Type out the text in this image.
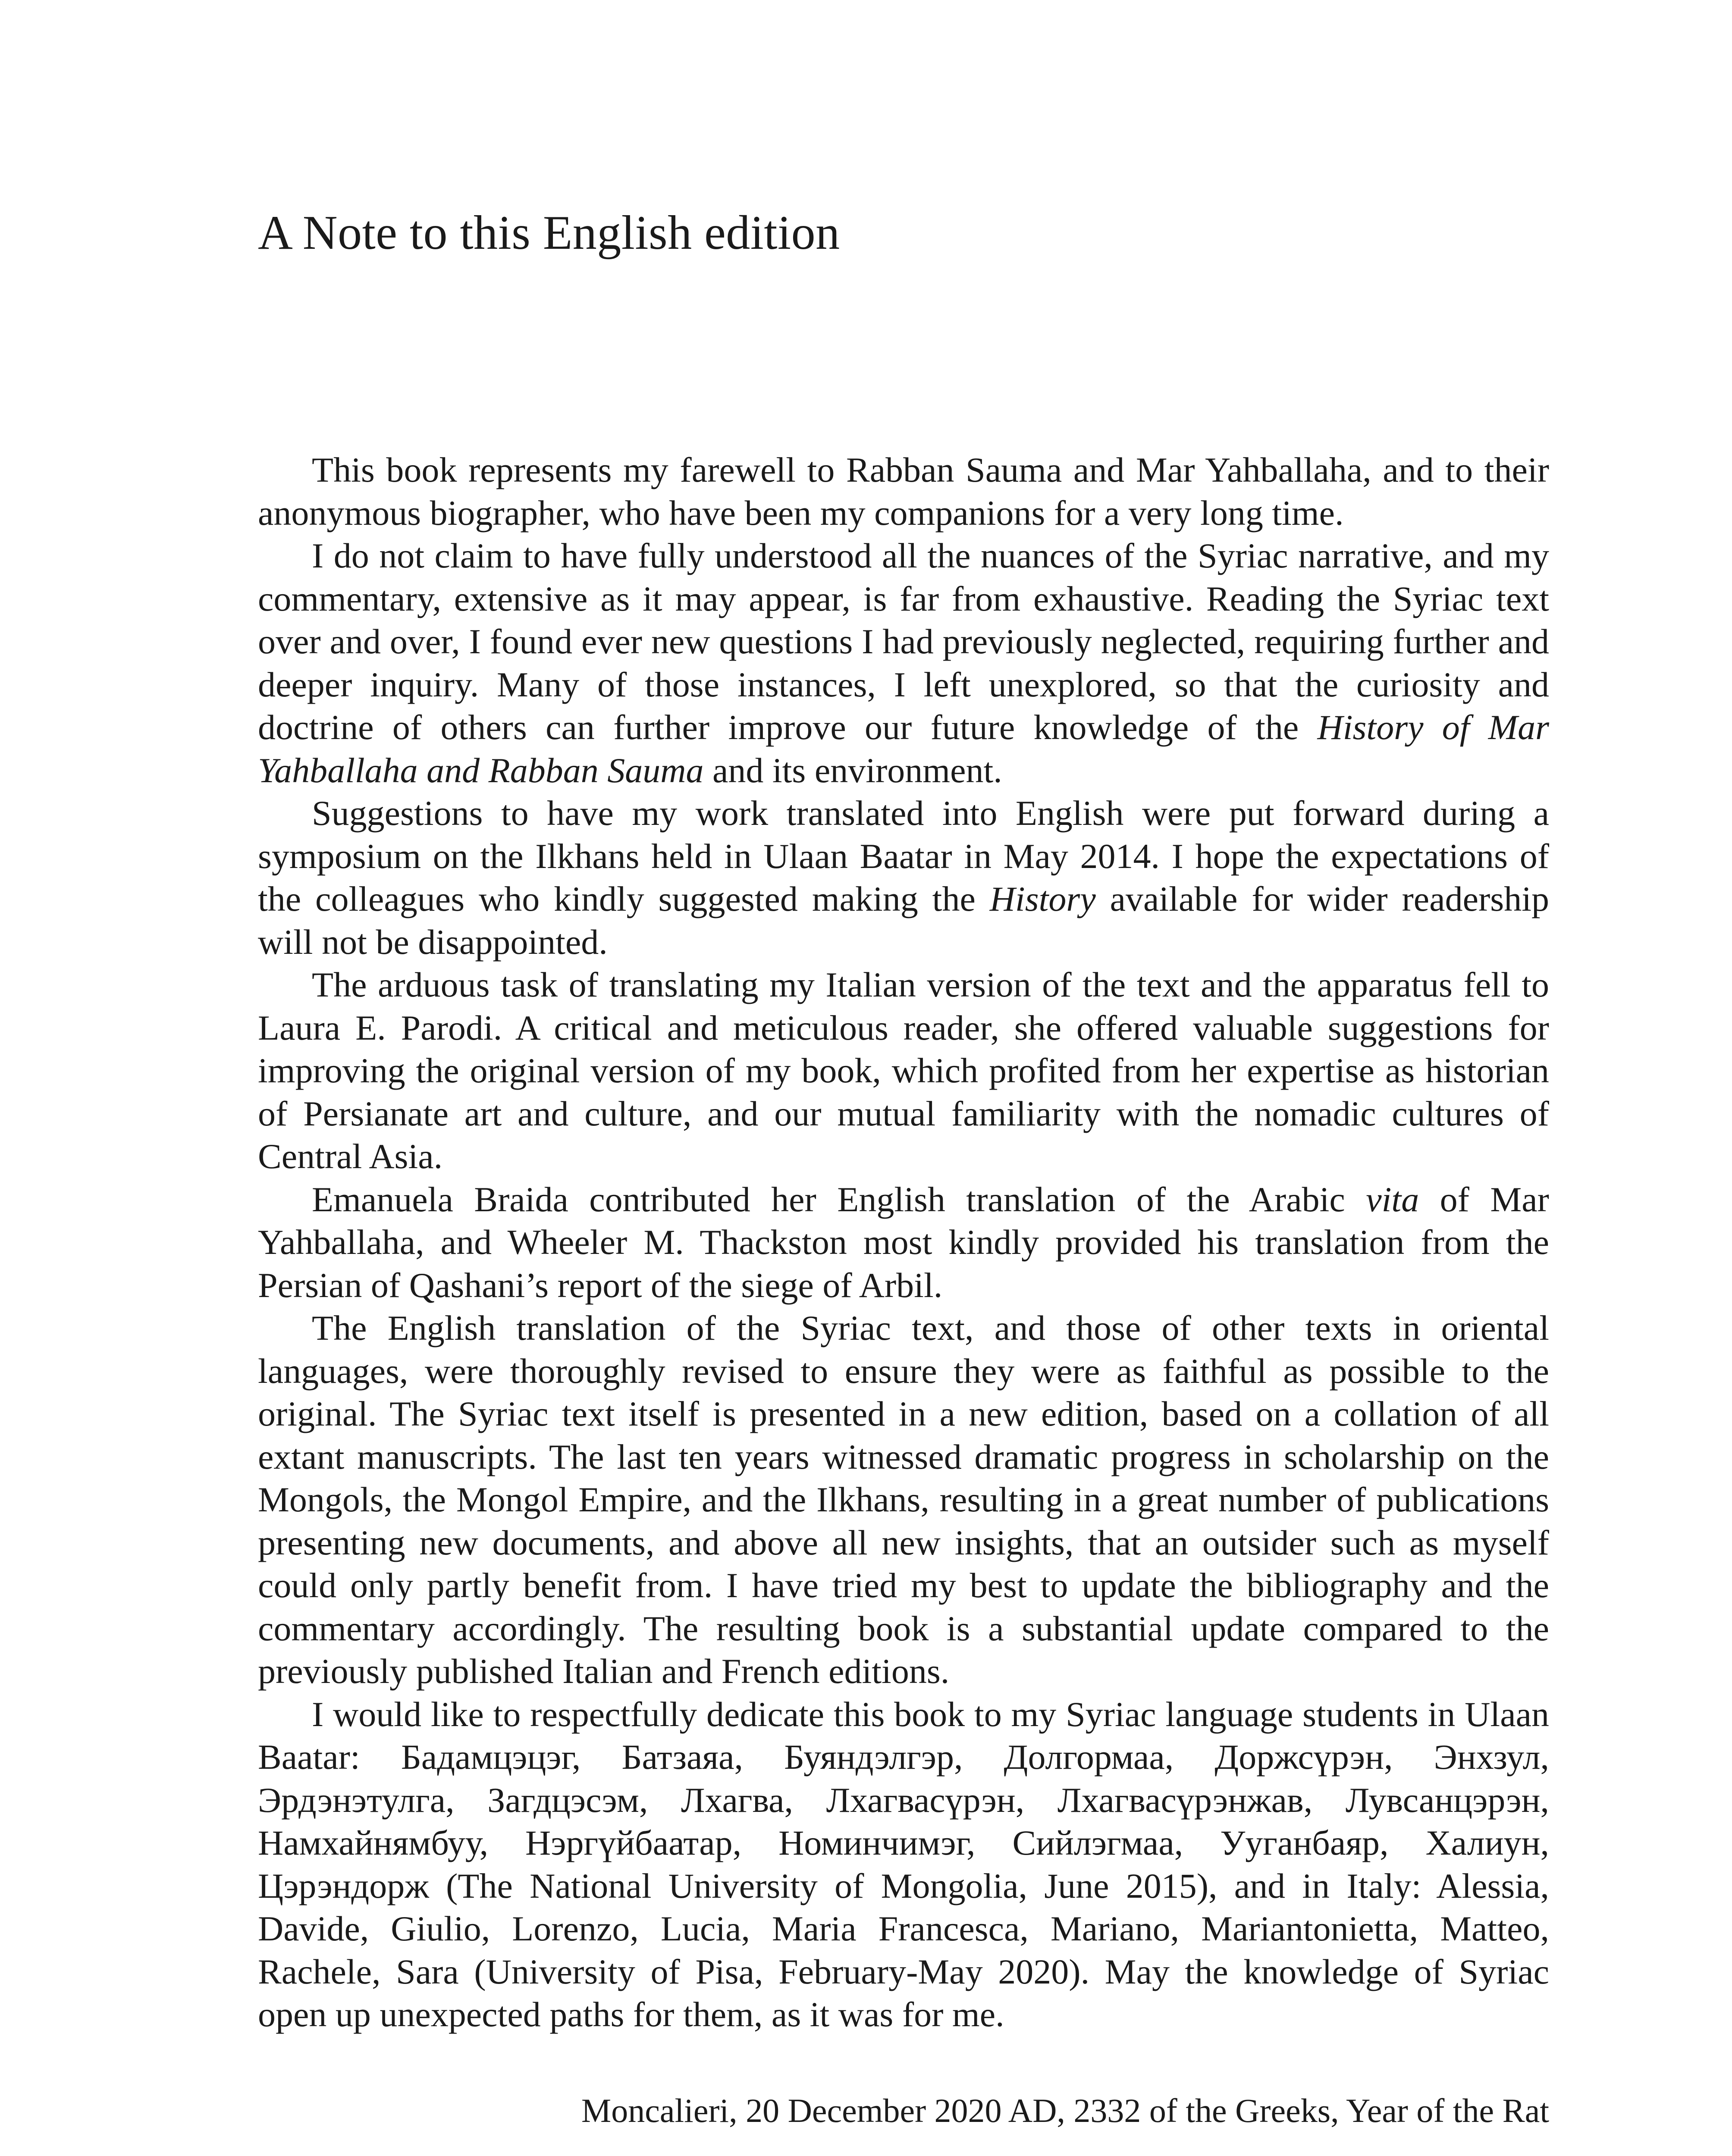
A Note to this English edition

This book represents my farewell to Rabban Sauma and Mar Yahballaha, and to their anonymous biographer, who have been my companions for a very long time.

I do not claim to have fully understood all the nuances of the Syriac narrative, and my commentary, extensive as it may appear, is far from exhaustive. Reading the Syriac text over and over, I found ever new questions I had previously neglected, requiring further and deeper inquiry. Many of those instances, I left unexplored, so that the curiosity and doctrine of others can further improve our future knowledge of the History of Mar Yahballaha and Rabban Sauma and its environment.

Suggestions to have my work translated into English were put forward during a symposium on the Ilkhans held in Ulaan Baatar in May 2014. I hope the expectations of the colleagues who kindly suggested making the History available for wider readership will not be disappointed.

The arduous task of translating my Italian version of the text and the apparatus fell to Laura E. Parodi. A critical and meticulous reader, she offered valuable suggestions for improving the original version of my book, which profited from her expertise as historian of Persianate art and culture, and our mutual familiarity with the nomadic cultures of Central Asia.

Emanuela Braida contributed her English translation of the Arabic vita of Mar Yahballaha, and Wheeler M. Thackston most kindly provided his translation from the Persian of Qashani’s report of the siege of Arbil.

The English translation of the Syriac text, and those of other texts in oriental languages, were thoroughly revised to ensure they were as faithful as possible to the original. The Syriac text itself is presented in a new edition, based on a collation of all extant manuscripts. The last ten years witnessed dramatic progress in scholarship on the Mongols, the Mongol Empire, and the Ilkhans, resulting in a great number of publications presenting new documents, and above all new insights, that an outsider such as myself could only partly benefit from. I have tried my best to update the bibliography and the commentary accordingly. The resulting book is a substantial update compared to the previously published Italian and French editions.

I would like to respectfully dedicate this book to my Syriac language students in Ulaan Baatar: Бадамцэцэг, Батзаяа, Буяндэлгэр, Долгормаа, Доржсүрэн, Энхзул, Эрдэнэтулга, Загдцэсэм, Лхагва, Лхагвасүрэн, Лхагвасүрэнжав, Лувсанцэрэн, Намхайнямбуу, Нэргүйбаатар, Номинчимэг, Сийлэгмаа, Ууганбаяр, Халиун, Цэрэндорж (The National University of Mongolia, June 2015), and in Italy: Alessia, Davide, Giulio, Lorenzo, Lucia, Maria Francesca, Mariano, Mariantonietta, Matteo, Rachele, Sara (University of Pisa, February-May 2020). May the knowledge of Syriac open up unexpected paths for them, as it was for me.

Moncalieri, 20 December 2020 AD, 2332 of the Greeks, Year of the Rat
